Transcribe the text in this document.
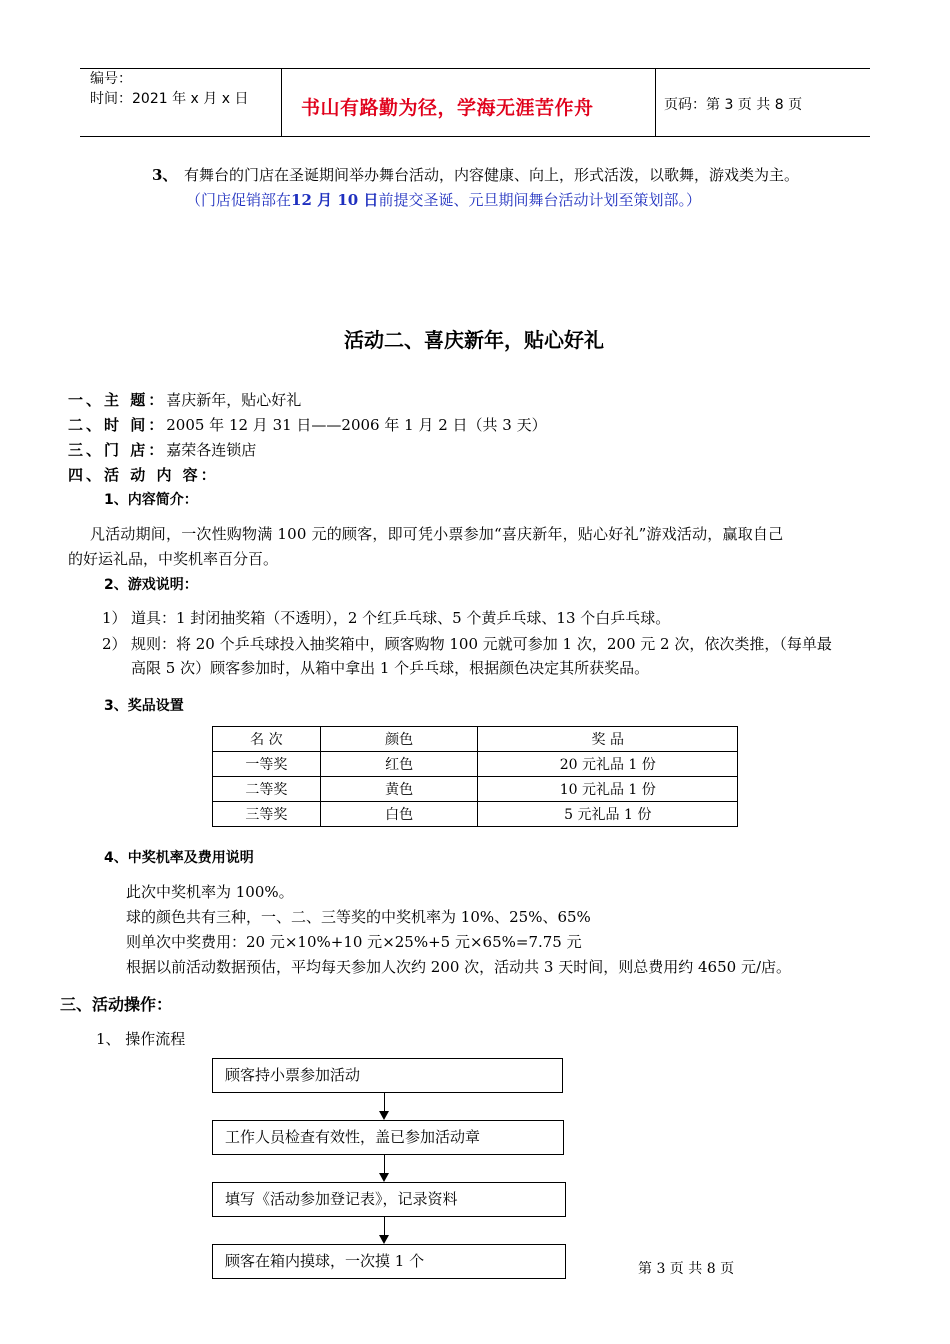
编号：
时间：2021 年 x 月 x 日	书山有路勤为径，学海无涯苦作舟	页码：第 3 页 共 8 页
3、 有舞台的门店在圣诞期间举办舞台活动，内容健康、向上，形式活泼，以歌舞，游戏类为主。
（门店促销部在12 月 10 日前提交圣诞、元旦期间舞台活动计划至策划部。）
活动二、喜庆新年，贴心好礼
一、主 题：喜庆新年，贴心好礼
二、时 间：2005 年 12 月 31 日——2006 年 1 月 2 日（共 3 天）
三、门 店：嘉荣各连锁店
四、活 动 内 容：
1、内容简介：
凡活动期间，一次性购物满 100 元的顾客，即可凭小票参加“喜庆新年，贴心好礼”游戏活动，赢取自己
的好运礼品，中奖机率百分百。
2、游戏说明：
1） 道具：1 封闭抽奖箱（不透明），2 个红乒乓球、5 个黄乒乓球、13 个白乒乓球。
2） 规则：将 20 个乒乓球投入抽奖箱中，顾客购物 100 元就可参加 1 次，200 元 2 次，依次类推，（每单最
高限 5 次）顾客参加时，从箱中拿出 1 个乒乓球，根据颜色决定其所获奖品。
3、奖品设置
名 次	颜色	奖 品
一等奖	红色	20 元礼品 1 份
二等奖	黄色	10 元礼品 1 份
三等奖	白色	5 元礼品 1 份
4、中奖机率及费用说明
此次中奖机率为 100%。
球的颜色共有三种，一、二、三等奖的中奖机率为 10%、25%、65%
则单次中奖费用：20 元×10%+10 元×25%+5 元×65%=7.75 元
根据以前活动数据预估，平均每天参加人次约 200 次，活动共 3 天时间，则总费用约 4650 元/店。
三、活动操作：
1、 操作流程
顾客持小票参加活动
工作人员检查有效性，盖已参加活动章
填写《活动参加登记表》，记录资料
顾客在箱内摸球，一次摸 1 个	第 3 页 共 8 页
